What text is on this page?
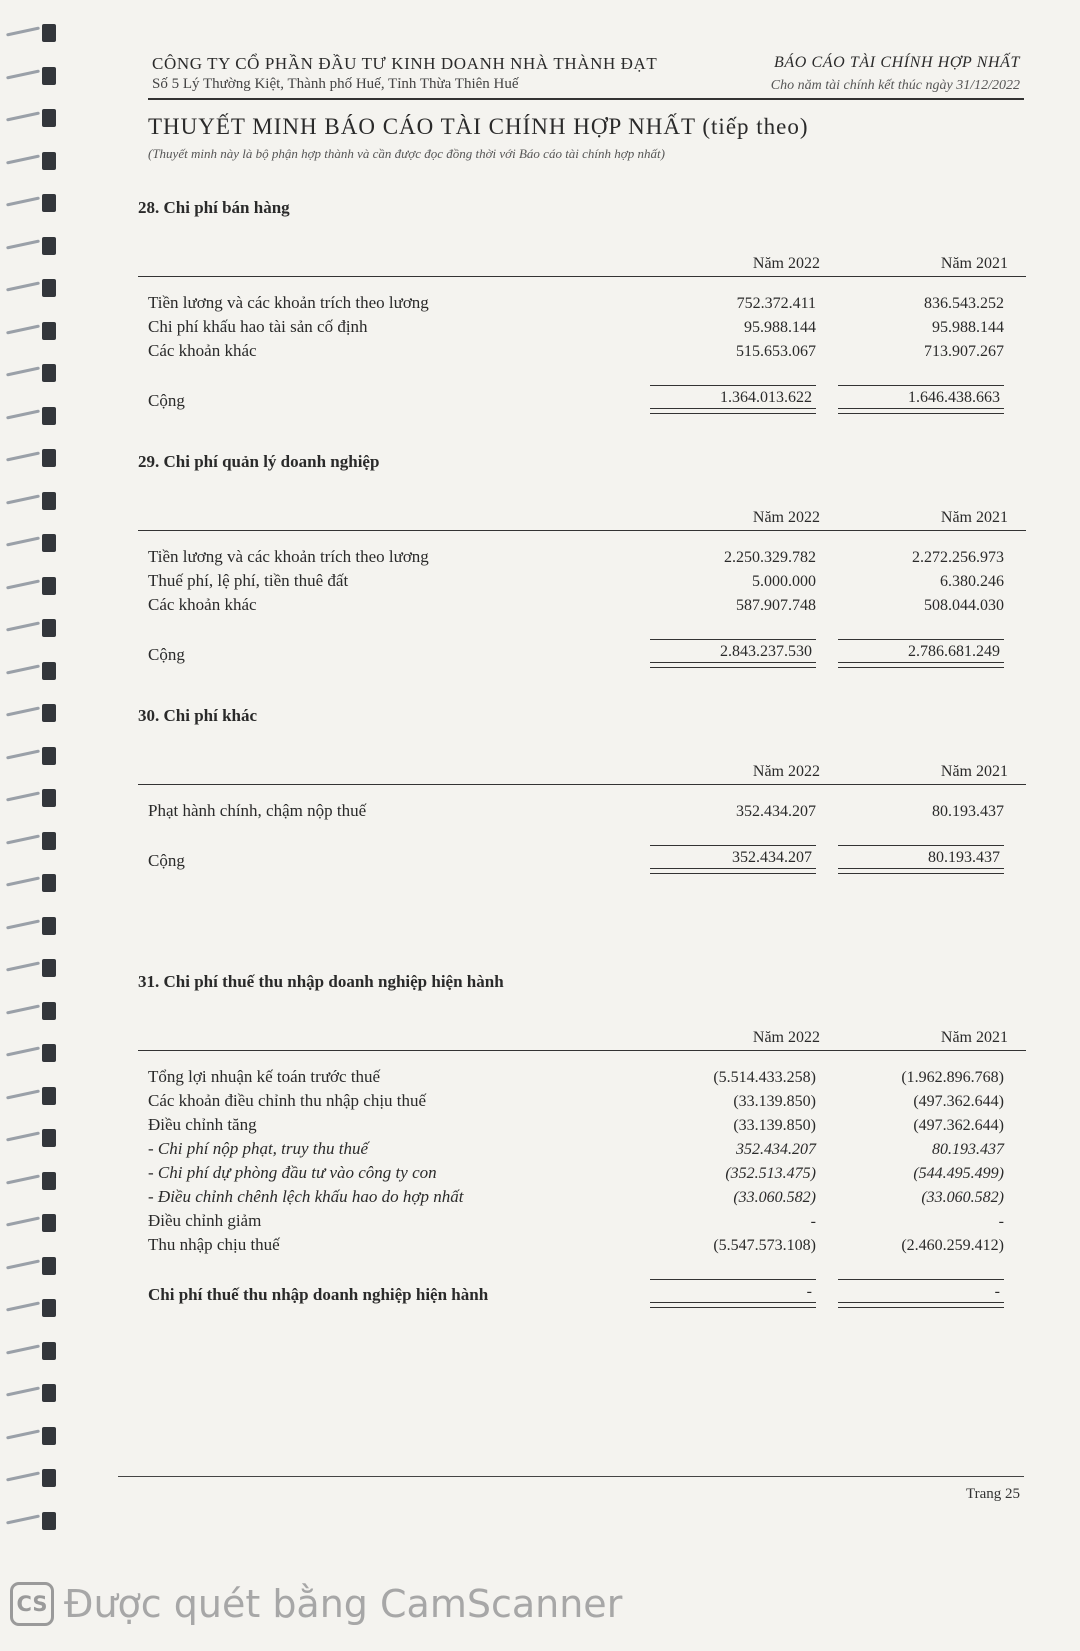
CÔNG TY CỔ PHẦN ĐẦU TƯ KINH DOANH NHÀ THÀNH ĐẠT
Số 5 Lý Thường Kiệt, Thành phố Huế, Tỉnh Thừa Thiên Huế
BÁO CÁO TÀI CHÍNH HỢP NHẤT
Cho năm tài chính kết thúc ngày 31/12/2022
THUYẾT MINH BÁO CÁO TÀI CHÍNH HỢP NHẤT (tiếp theo)
(Thuyết minh này là bộ phận hợp thành và cần được đọc đồng thời với Báo cáo tài chính hợp nhất)
28. Chi phí bán hàng
Năm 2022	Năm 2021
Tiền lương và các khoản trích theo lương	752.372.411	836.543.252
Chi phí khấu hao tài sản cố định	95.988.144	95.988.144
Các khoản khác	515.653.067	713.907.267
Cộng	1.364.013.622	1.646.438.663
29. Chi phí quản lý doanh nghiệp
Năm 2022	Năm 2021
Tiền lương và các khoản trích theo lương	2.250.329.782	2.272.256.973
Thuế phí, lệ phí, tiền thuê đất	5.000.000	6.380.246
Các khoản khác	587.907.748	508.044.030
Cộng	2.843.237.530	2.786.681.249
30. Chi phí khác
Năm 2022	Năm 2021
Phạt hành chính, chậm nộp thuế	352.434.207	80.193.437
Cộng	352.434.207	80.193.437
31. Chi phí thuế thu nhập doanh nghiệp hiện hành
Năm 2022	Năm 2021
Tổng lợi nhuận kế toán trước thuế	(5.514.433.258)	(1.962.896.768)
Các khoản điều chỉnh thu nhập chịu thuế	(33.139.850)	(497.362.644)
Điều chỉnh tăng	(33.139.850)	(497.362.644)
- Chi phí nộp phạt, truy thu thuế	352.434.207	80.193.437
- Chi phí dự phòng đầu tư vào công ty con	(352.513.475)	(544.495.499)
- Điều chỉnh chênh lệch khấu hao do hợp nhất	(33.060.582)	(33.060.582)
Điều chỉnh giảm	-	-
Thu nhập chịu thuế	(5.547.573.108)	(2.460.259.412)
Chi phí thuế thu nhập doanh nghiệp hiện hành	-	-
Trang 25
CS Được quét bằng CamScanner
